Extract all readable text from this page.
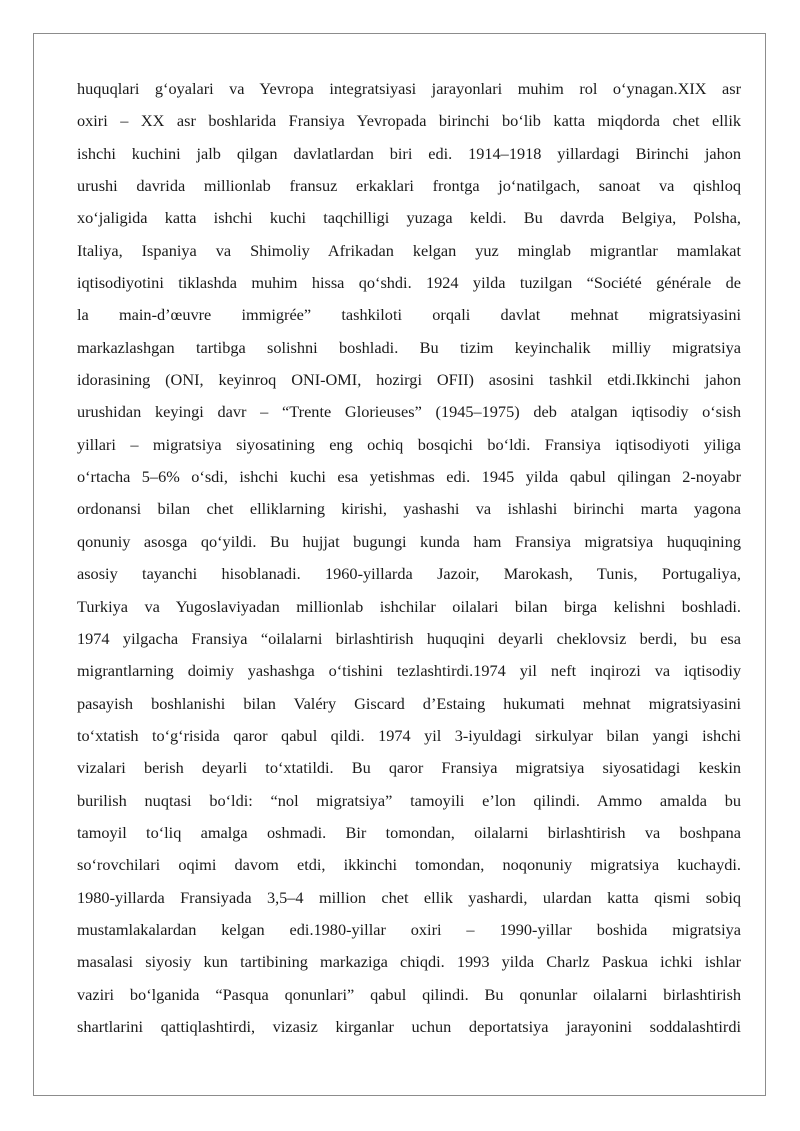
huquqlari g‘oyalari va Yevropa integratsiyasi jarayonlari muhim rol o‘ynagan.XIX asr
oxiri – XX asr boshlarida Fransiya Yevropada birinchi bo‘lib katta miqdorda chet ellik
ishchi kuchini jalb qilgan davlatlardan biri edi. 1914–1918 yillardagi Birinchi jahon
urushi davrida millionlab fransuz erkaklari frontga jo‘natilgach, sanoat va qishloq
xo‘jaligida katta ishchi kuchi taqchilligi yuzaga keldi. Bu davrda Belgiya, Polsha,
Italiya, Ispaniya va Shimoliy Afrikadan kelgan yuz minglab migrantlar mamlakat
iqtisodiyotini tiklashda muhim hissa qo‘shdi. 1924 yilda tuzilgan “Société générale de
la main-d’œuvre immigrée” tashkiloti orqali davlat mehnat migratsiyasini
markazlashgan tartibga solishni boshladi. Bu tizim keyinchalik milliy migratsiya
idorasining (ONI, keyinroq ONI-OMI, hozirgi OFII) asosini tashkil etdi.Ikkinchi jahon
urushidan keyingi davr – “Trente Glorieuses” (1945–1975) deb atalgan iqtisodiy o‘sish
yillari – migratsiya siyosatining eng ochiq bosqichi bo‘ldi. Fransiya iqtisodiyoti yiliga
o‘rtacha 5–6% o‘sdi, ishchi kuchi esa yetishmas edi. 1945 yilda qabul qilingan 2-noyabr
ordonansi bilan chet elliklarning kirishi, yashashi va ishlashi birinchi marta yagona
qonuniy asosga qo‘yildi. Bu hujjat bugungi kunda ham Fransiya migratsiya huquqining
asosiy tayanchi hisoblanadi. 1960-yillarda Jazoir, Marokash, Tunis, Portugaliya,
Turkiya va Yugoslaviyadan millionlab ishchilar oilalari bilan birga kelishni boshladi.
1974 yilgacha Fransiya “oilalarni birlashtirish huquqini deyarli cheklovsiz berdi, bu esa
migrantlarning doimiy yashashga o‘tishini tezlashtirdi.1974 yil neft inqirozi va iqtisodiy
pasayish boshlanishi bilan Valéry Giscard d’Estaing hukumati mehnat migratsiyasini
to‘xtatish to‘g‘risida qaror qabul qildi. 1974 yil 3-iyuldagi sirkulyar bilan yangi ishchi
vizalari berish deyarli to‘xtatildi. Bu qaror Fransiya migratsiya siyosatidagi keskin
burilish nuqtasi bo‘ldi: “nol migratsiya” tamoyili e’lon qilindi. Ammo amalda bu
tamoyil to‘liq amalga oshmadi. Bir tomondan, oilalarni birlashtirish va boshpana
so‘rovchilari oqimi davom etdi, ikkinchi tomondan, noqonuniy migratsiya kuchaydi.
1980-yillarda Fransiyada 3,5–4 million chet ellik yashardi, ulardan katta qismi sobiq
mustamlakalardan kelgan edi.1980-yillar oxiri – 1990-yillar boshida migratsiya
masalasi siyosiy kun tartibining markaziga chiqdi. 1993 yilda Charlz Paskua ichki ishlar
vaziri bo‘lganida “Pasqua qonunlari” qabul qilindi. Bu qonunlar oilalarni birlashtirish
shartlarini qattiqlashtirdi, vizasiz kirganlar uchun deportatsiya jarayonini soddalashtirdi
